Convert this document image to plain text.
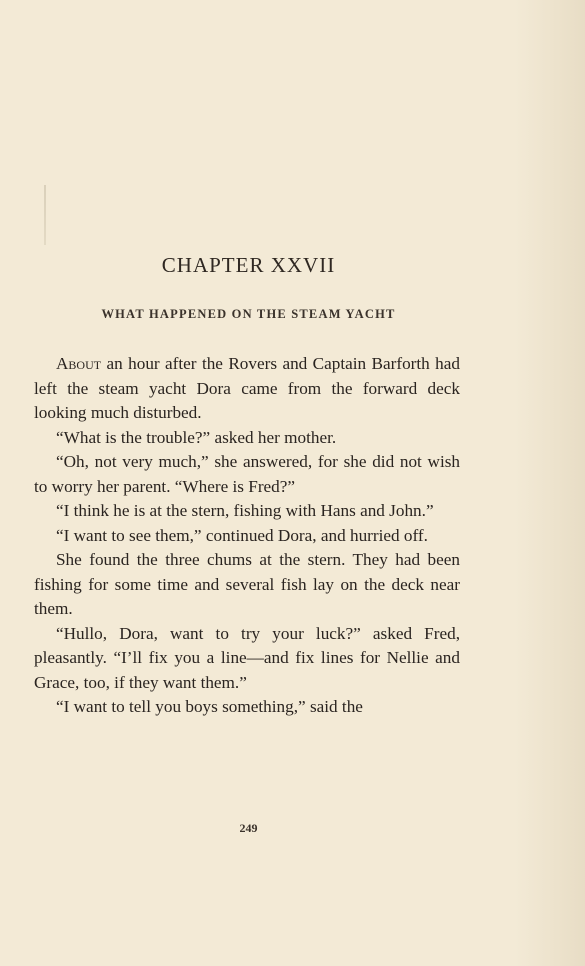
CHAPTER XXVII
WHAT HAPPENED ON THE STEAM YACHT

About an hour after the Rovers and Captain Barforth had left the steam yacht Dora came from the forward deck looking much disturbed.

“What is the trouble?” asked her mother.

“Oh, not very much,” she answered, for she did not wish to worry her parent. “Where is Fred?”

“I think he is at the stern, fishing with Hans and John.”

“I want to see them,” continued Dora, and hurried off.

She found the three chums at the stern. They had been fishing for some time and several fish lay on the deck near them.

“Hullo, Dora, want to try your luck?” asked Fred, pleasantly. “I’ll fix you a line—and fix lines for Nellie and Grace, too, if they want them.”

“I want to tell you boys something,” said the

249
